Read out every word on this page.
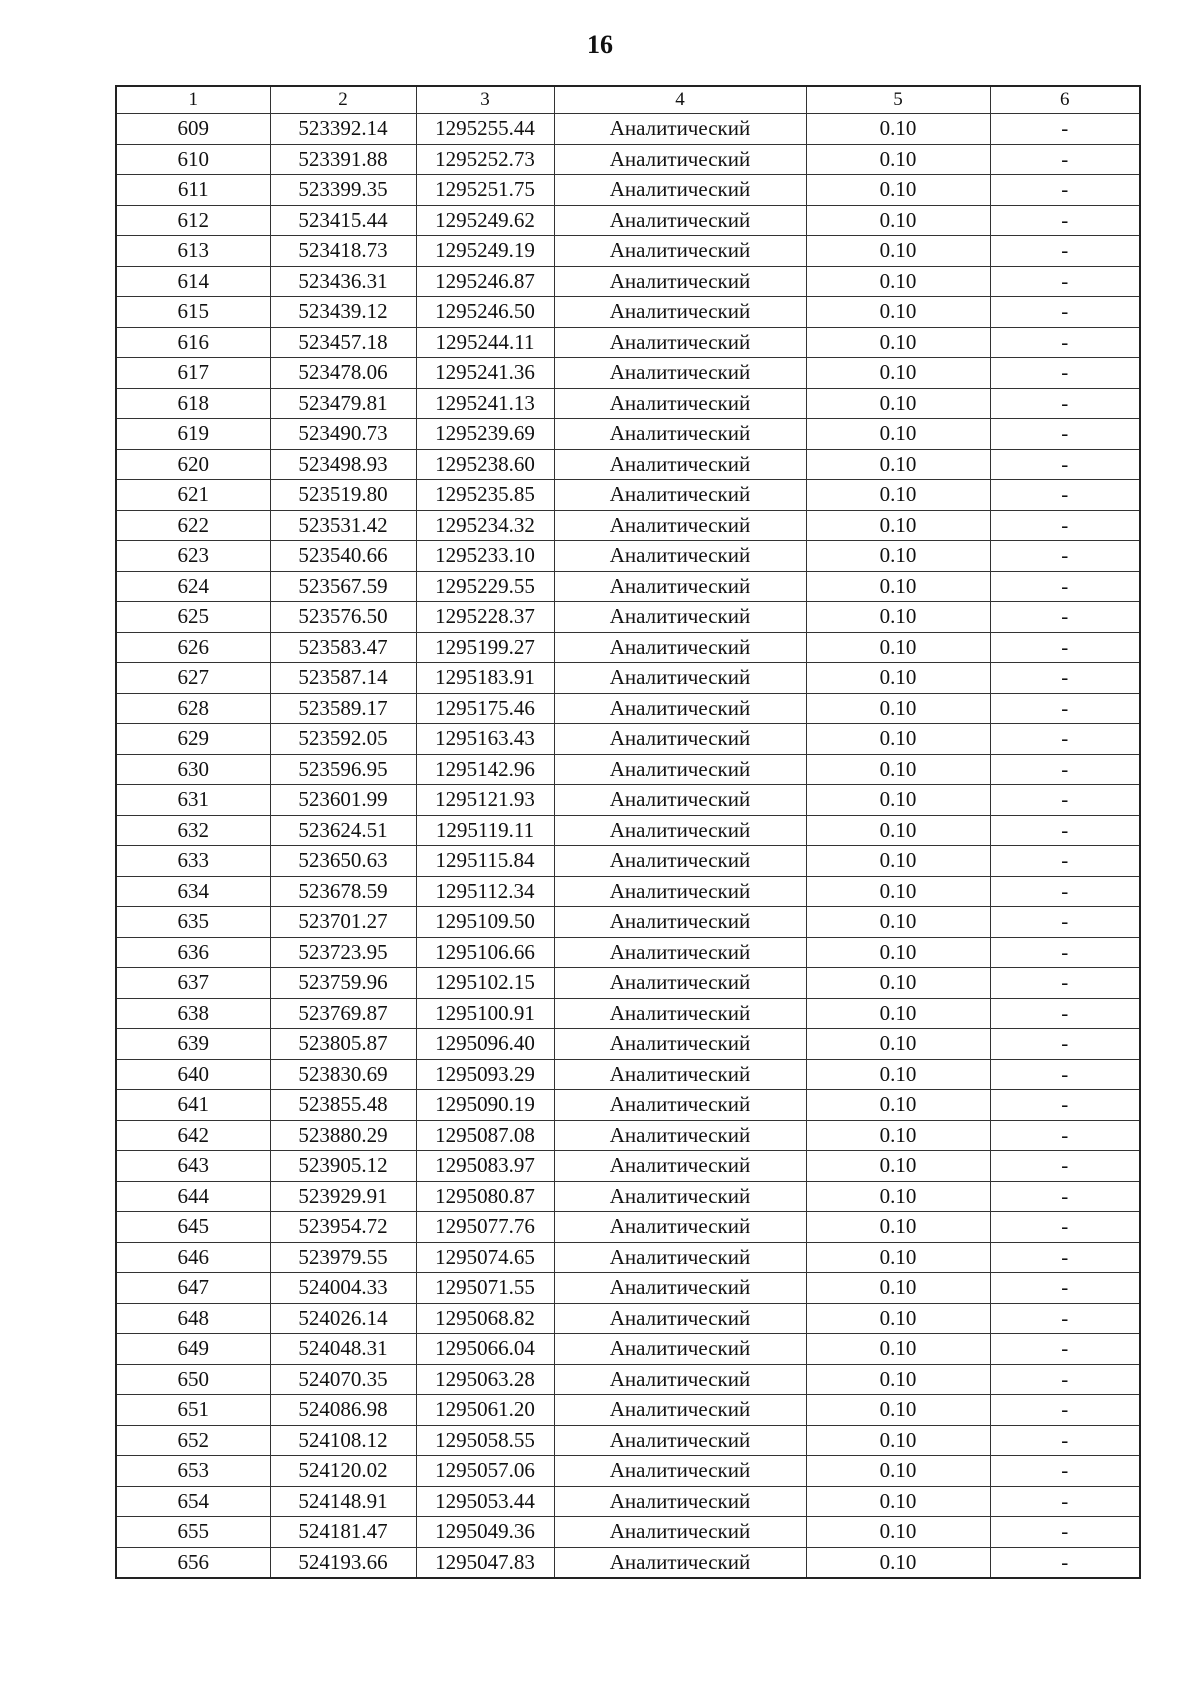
16
1	2	3	4	5	6
609	523392.14	1295255.44	Аналитический	0.10	-
610	523391.88	1295252.73	Аналитический	0.10	-
611	523399.35	1295251.75	Аналитический	0.10	-
612	523415.44	1295249.62	Аналитический	0.10	-
613	523418.73	1295249.19	Аналитический	0.10	-
614	523436.31	1295246.87	Аналитический	0.10	-
615	523439.12	1295246.50	Аналитический	0.10	-
616	523457.18	1295244.11	Аналитический	0.10	-
617	523478.06	1295241.36	Аналитический	0.10	-
618	523479.81	1295241.13	Аналитический	0.10	-
619	523490.73	1295239.69	Аналитический	0.10	-
620	523498.93	1295238.60	Аналитический	0.10	-
621	523519.80	1295235.85	Аналитический	0.10	-
622	523531.42	1295234.32	Аналитический	0.10	-
623	523540.66	1295233.10	Аналитический	0.10	-
624	523567.59	1295229.55	Аналитический	0.10	-
625	523576.50	1295228.37	Аналитический	0.10	-
626	523583.47	1295199.27	Аналитический	0.10	-
627	523587.14	1295183.91	Аналитический	0.10	-
628	523589.17	1295175.46	Аналитический	0.10	-
629	523592.05	1295163.43	Аналитический	0.10	-
630	523596.95	1295142.96	Аналитический	0.10	-
631	523601.99	1295121.93	Аналитический	0.10	-
632	523624.51	1295119.11	Аналитический	0.10	-
633	523650.63	1295115.84	Аналитический	0.10	-
634	523678.59	1295112.34	Аналитический	0.10	-
635	523701.27	1295109.50	Аналитический	0.10	-
636	523723.95	1295106.66	Аналитический	0.10	-
637	523759.96	1295102.15	Аналитический	0.10	-
638	523769.87	1295100.91	Аналитический	0.10	-
639	523805.87	1295096.40	Аналитический	0.10	-
640	523830.69	1295093.29	Аналитический	0.10	-
641	523855.48	1295090.19	Аналитический	0.10	-
642	523880.29	1295087.08	Аналитический	0.10	-
643	523905.12	1295083.97	Аналитический	0.10	-
644	523929.91	1295080.87	Аналитический	0.10	-
645	523954.72	1295077.76	Аналитический	0.10	-
646	523979.55	1295074.65	Аналитический	0.10	-
647	524004.33	1295071.55	Аналитический	0.10	-
648	524026.14	1295068.82	Аналитический	0.10	-
649	524048.31	1295066.04	Аналитический	0.10	-
650	524070.35	1295063.28	Аналитический	0.10	-
651	524086.98	1295061.20	Аналитический	0.10	-
652	524108.12	1295058.55	Аналитический	0.10	-
653	524120.02	1295057.06	Аналитический	0.10	-
654	524148.91	1295053.44	Аналитический	0.10	-
655	524181.47	1295049.36	Аналитический	0.10	-
656	524193.66	1295047.83	Аналитический	0.10	-
